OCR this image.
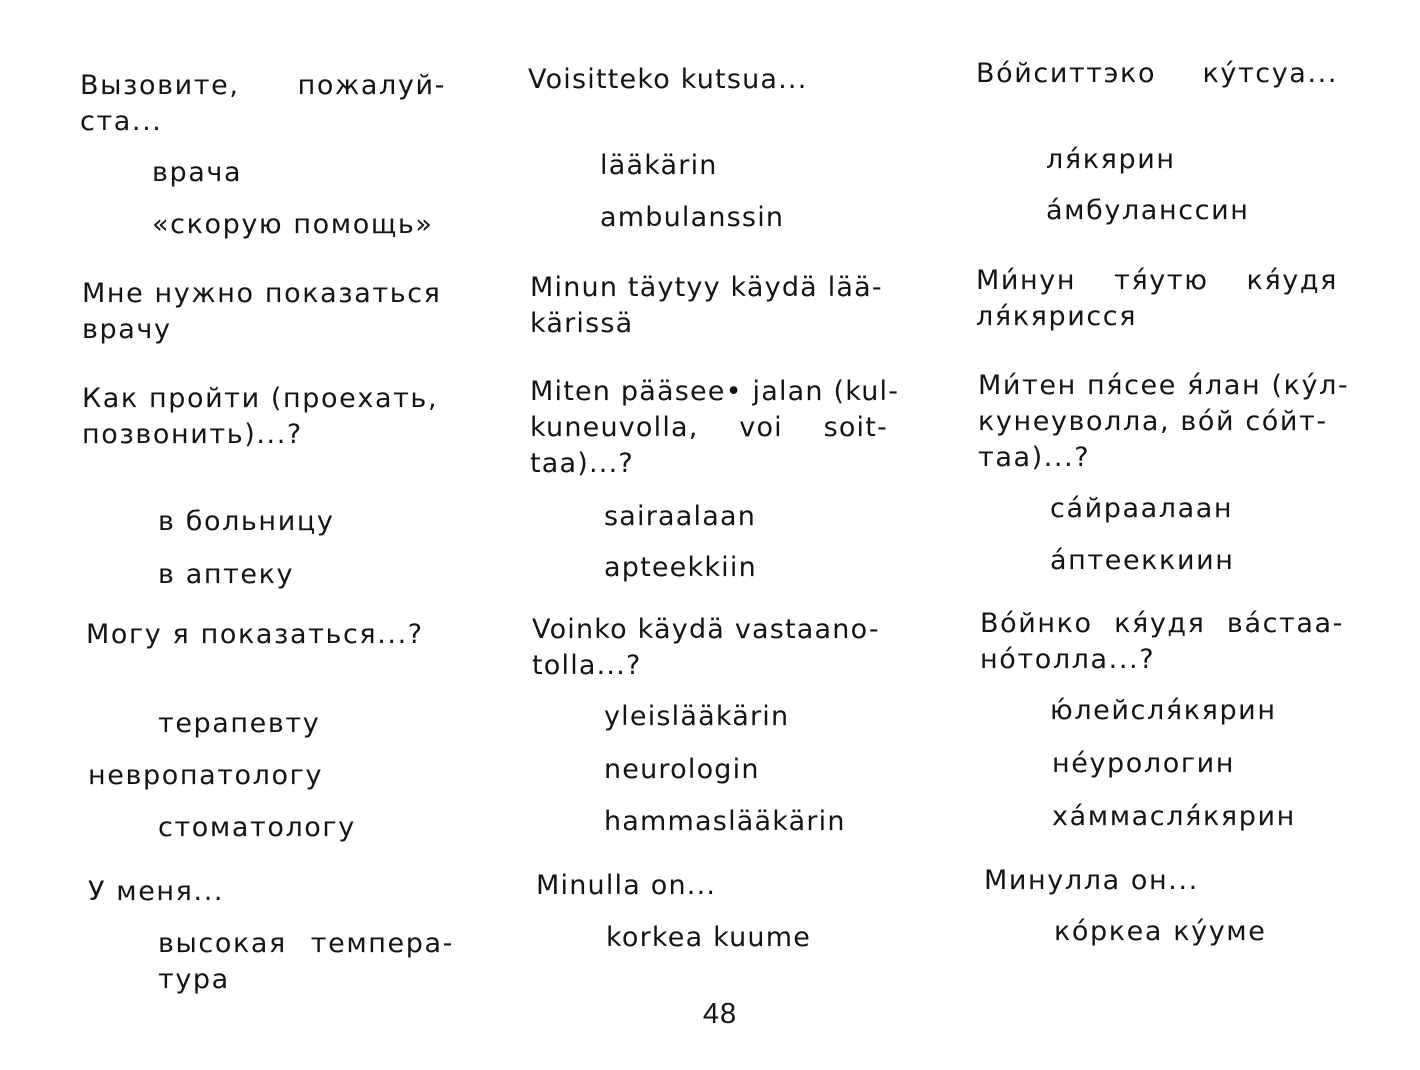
Вызовите, пожалуй-

ста...

врача

«скорую помощь»

Мне нужно показаться

врачу

Как пройти (проехать,

позвонить)...?

в больницу

в аптеку

Могу я показаться...?

терапевту

невропатологу

стоматологу

У меня...

высокая темпера-

тура

Voisitteko kutsua...

lääkärin

ambulanssin

Minun täytyy käydä lää-

kärissä

Miten pääsee• jalan (kul-

kuneuvolla, voi soit-

taa)...?

sairaalaan

apteekkiin

Voinko käydä vastaano-

tolla...?

yleislääkärin

neurologin

hammaslääkärin

Minulla on...

korkea kuume

Во́йситтэко ку́тсуа...

ля́кярин

а́мбуланссин

Ми́нун тя́утю кя́удя

ля́кярисся

Ми́тен пя́сее я́лан (ку́л-

кунеуволла, во́й со́йт-

таа)...?

са́йраалаан

а́птееккиин

Во́йнко кя́удя ва́стаа-

но́толла...?

ю́лейсля́кярин

не́урологин

ха́ммасля́кярин

Минулла он...

ко́ркеа ку́уме

48
